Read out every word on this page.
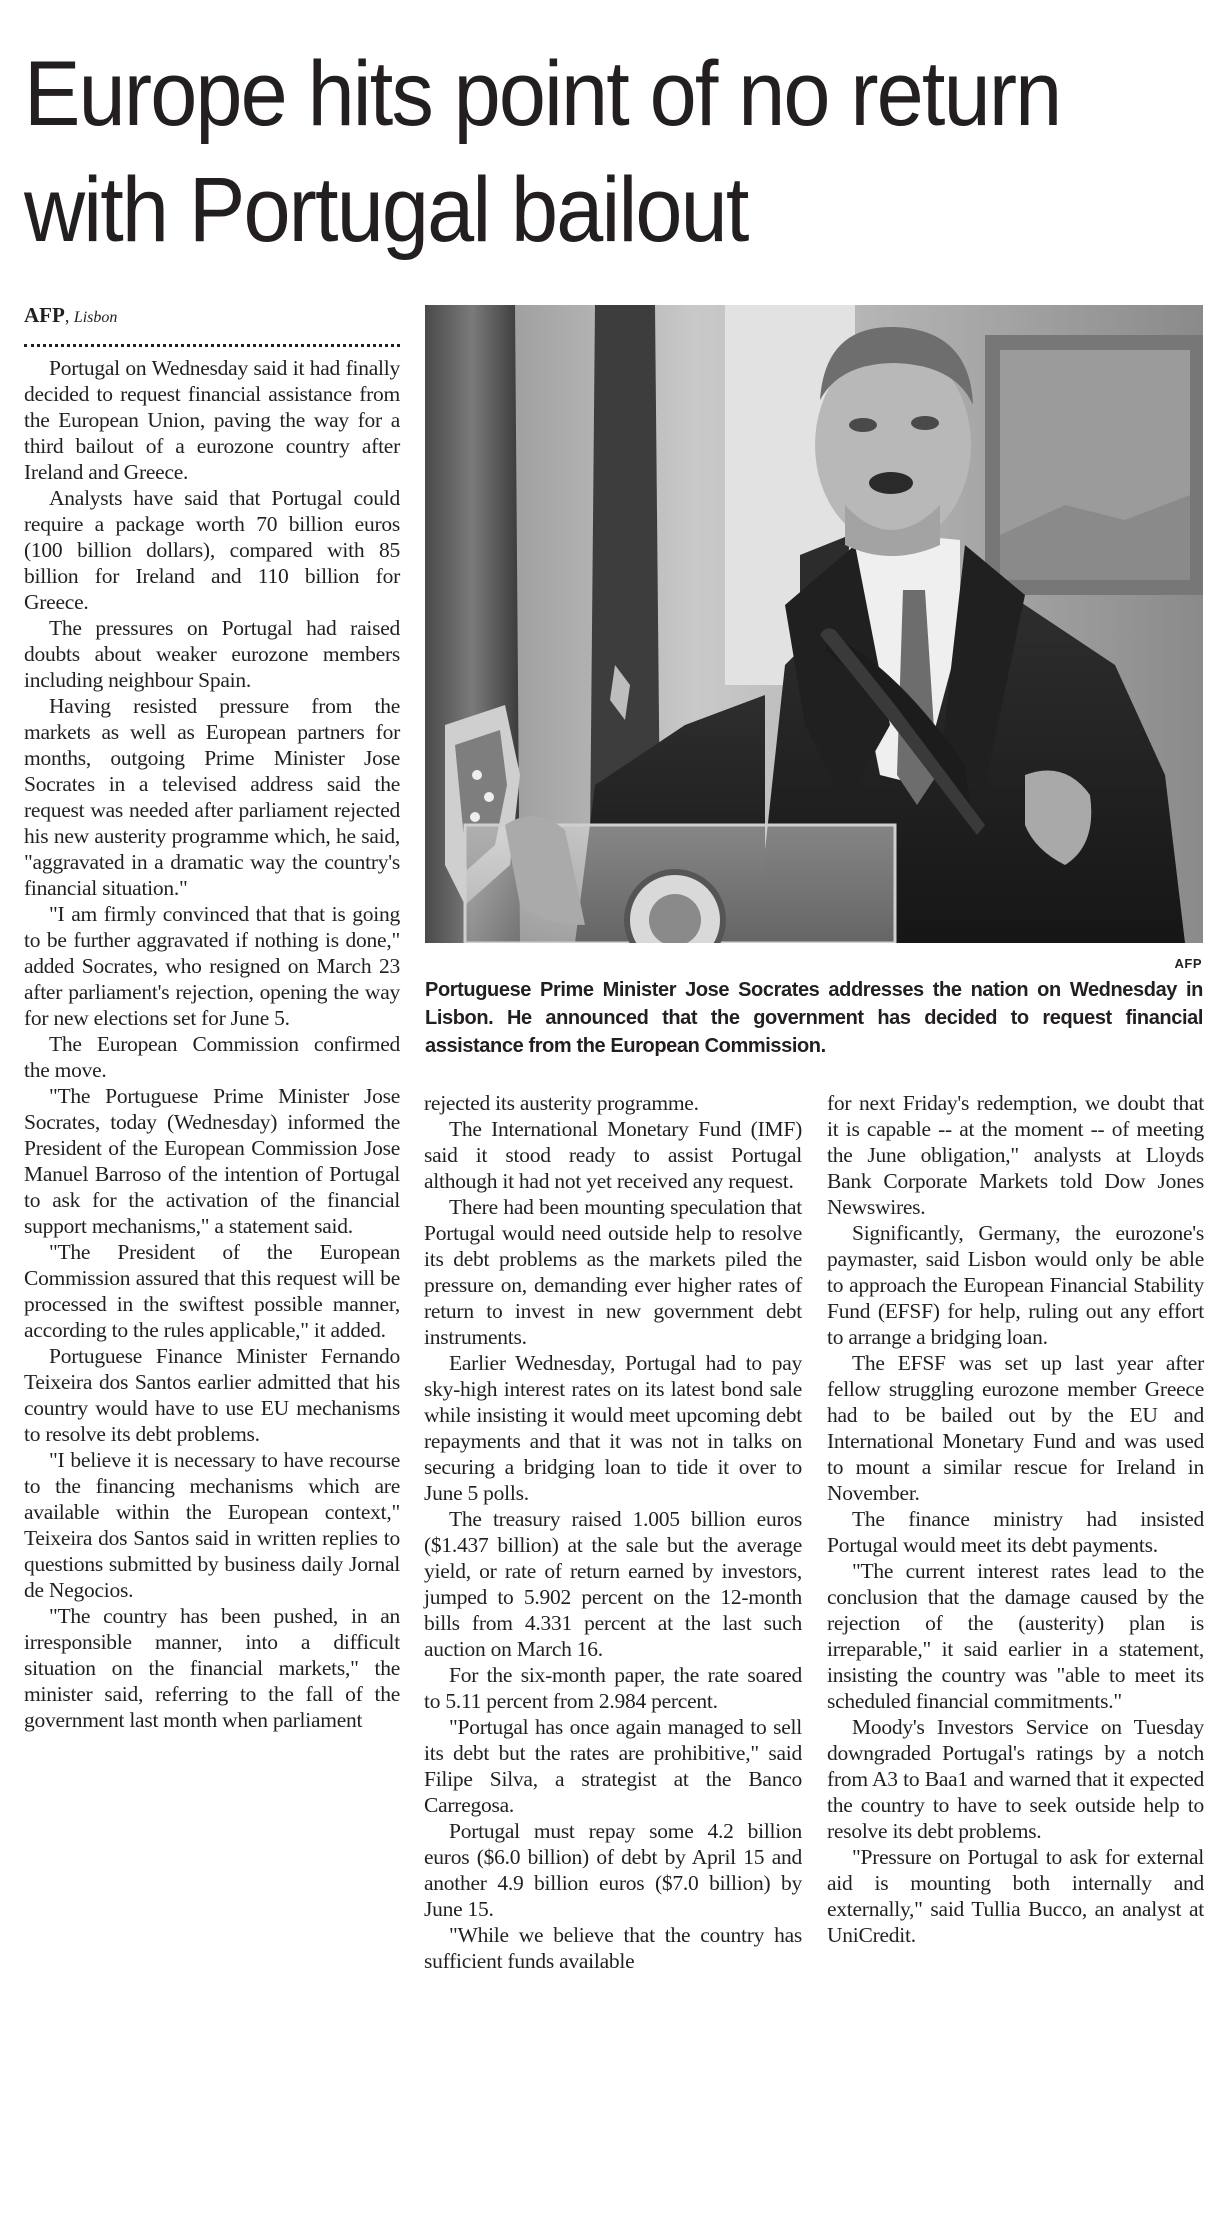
Europe hits point of no return with Portugal bailout
AFP, Lisbon

Portugal on Wednesday said it had finally decided to request financial assistance from the European Union, paving the way for a third bailout of a eurozone country after Ireland and Greece.

Analysts have said that Portugal could require a package worth 70 billion euros (100 billion dollars), compared with 85 billion for Ireland and 110 billion for Greece.

The pressures on Portugal had raised doubts about weaker eurozone members including neighbour Spain.

Having resisted pressure from the markets as well as European partners for months, outgoing Prime Minister Jose Socrates in a televised address said the request was needed after parliament rejected his new austerity programme which, he said, "aggravated in a dramatic way the country's financial situation."

"I am firmly convinced that that is going to be further aggravated if nothing is done," added Socrates, who resigned on March 23 after parliament's rejection, opening the way for new elections set for June 5.

The European Commission confirmed the move.

"The Portuguese Prime Minister Jose Socrates, today (Wednesday) informed the President of the European Commission Jose Manuel Barroso of the intention of Portugal to ask for the activation of the financial support mechanisms," a statement said.

"The President of the European Commission assured that this request will be processed in the swiftest possible manner, according to the rules applicable," it added.

Portuguese Finance Minister Fernando Teixeira dos Santos earlier admitted that his country would have to use EU mechanisms to resolve its debt problems.

"I believe it is necessary to have recourse to the financing mechanisms which are available within the European context," Teixeira dos Santos said in written replies to questions submitted by business daily Jornal de Negocios.

"The country has been pushed, in an irresponsible manner, into a difficult situation on the financial markets," the minister said, referring to the fall of the government last month when parliament

AFP
Portuguese Prime Minister Jose Socrates addresses the nation on Wednesday in Lisbon. He announced that the government has decided to request financial assistance from the European Commission.

rejected its austerity programme.

The International Monetary Fund (IMF) said it stood ready to assist Portugal although it had not yet received any request.

There had been mounting speculation that Portugal would need outside help to resolve its debt problems as the markets piled the pressure on, demanding ever higher rates of return to invest in new government debt instruments.

Earlier Wednesday, Portugal had to pay sky-high interest rates on its latest bond sale while insisting it would meet upcoming debt repayments and that it was not in talks on securing a bridging loan to tide it over to June 5 polls.

The treasury raised 1.005 billion euros ($1.437 billion) at the sale but the average yield, or rate of return earned by investors, jumped to 5.902 percent on the 12-month bills from 4.331 percent at the last such auction on March 16.

For the six-month paper, the rate soared to 5.11 percent from 2.984 percent.

"Portugal has once again managed to sell its debt but the rates are prohibitive," said Filipe Silva, a strategist at the Banco Carregosa.

Portugal must repay some 4.2 billion euros ($6.0 billion) of debt by April 15 and another 4.9 billion euros ($7.0 billion) by June 15.

"While we believe that the country has sufficient funds available

for next Friday's redemption, we doubt that it is capable -- at the moment -- of meeting the June obligation," analysts at Lloyds Bank Corporate Markets told Dow Jones Newswires.

Significantly, Germany, the eurozone's paymaster, said Lisbon would only be able to approach the European Financial Stability Fund (EFSF) for help, ruling out any effort to arrange a bridging loan.

The EFSF was set up last year after fellow struggling eurozone member Greece had to be bailed out by the EU and International Monetary Fund and was used to mount a similar rescue for Ireland in November.

The finance ministry had insisted Portugal would meet its debt payments.

"The current interest rates lead to the conclusion that the damage caused by the rejection of the (austerity) plan is irreparable," it said earlier in a statement, insisting the country was "able to meet its scheduled financial commitments."

Moody's Investors Service on Tuesday downgraded Portugal's ratings by a notch from A3 to Baa1 and warned that it expected the country to have to seek outside help to resolve its debt problems.

"Pressure on Portugal to ask for external aid is mounting both internally and externally," said Tullia Bucco, an analyst at UniCredit.
